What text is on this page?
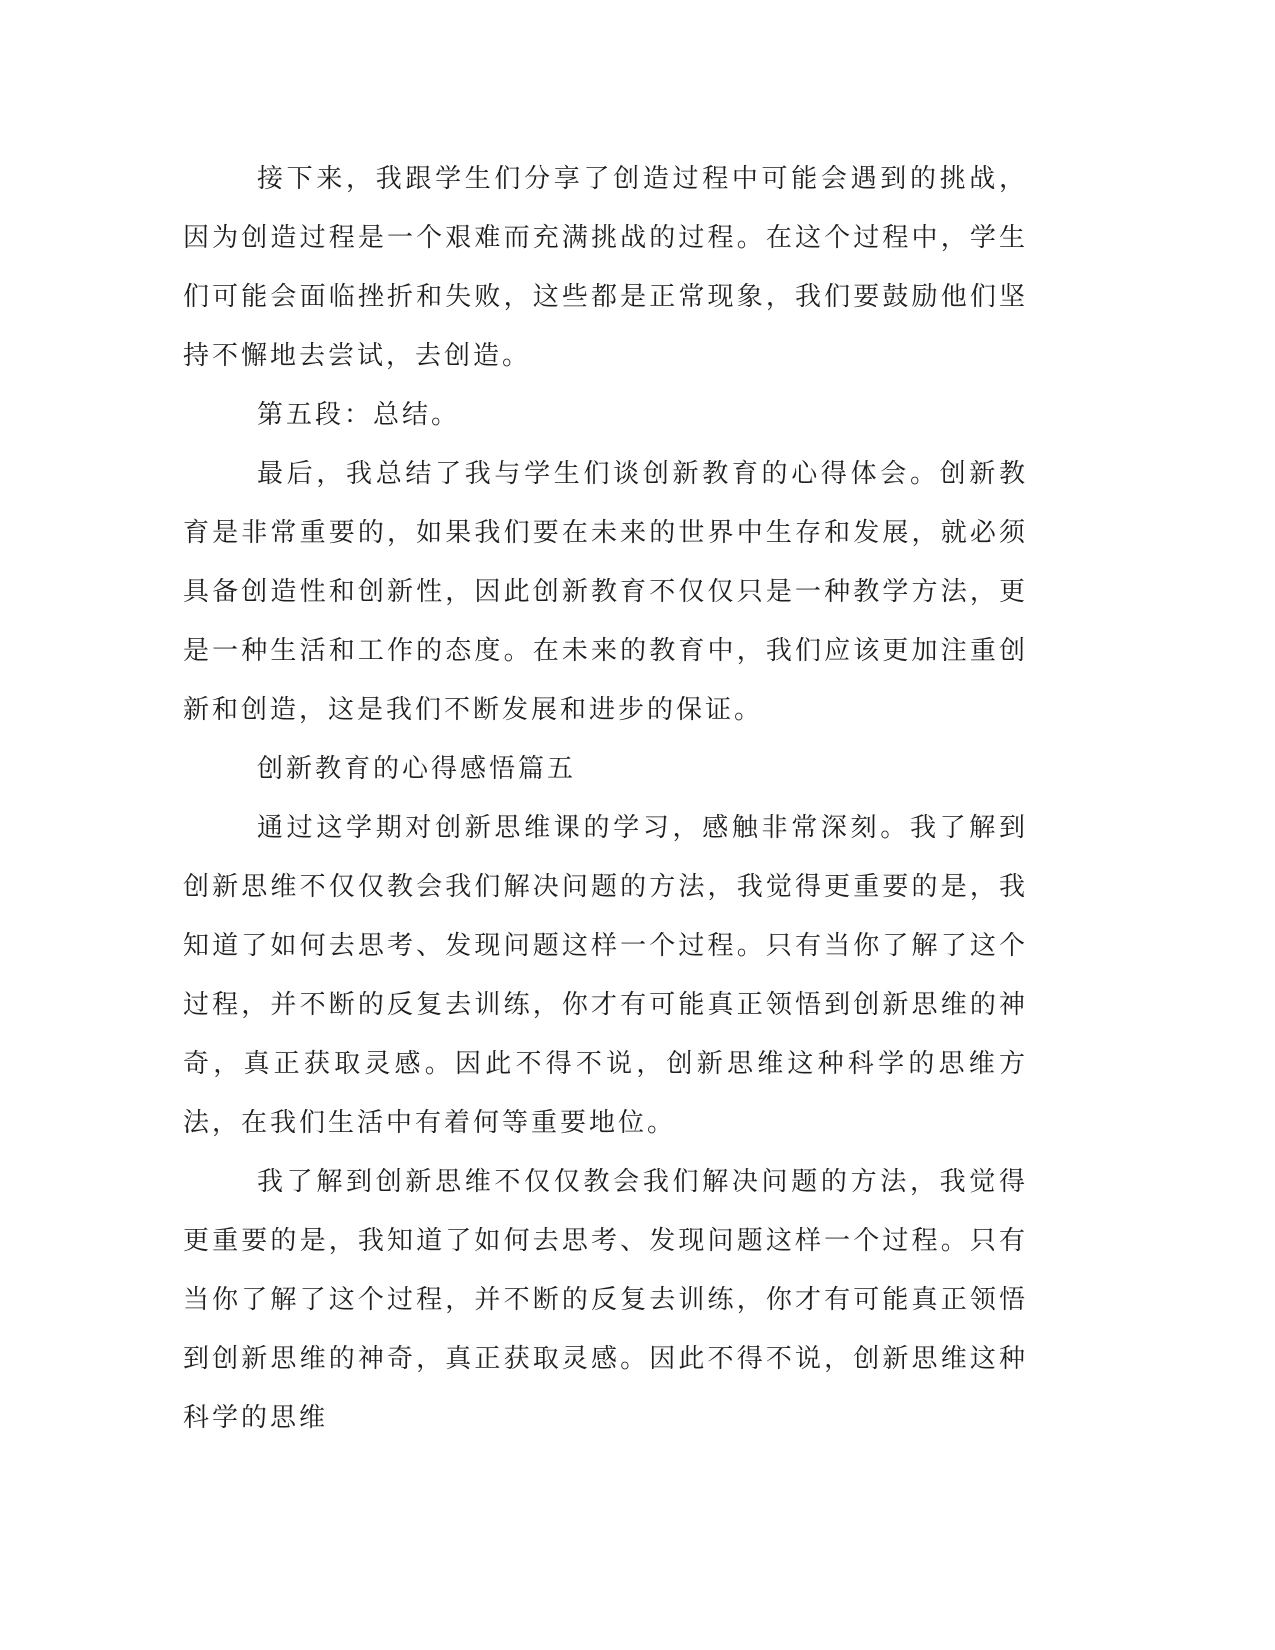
接下来，我跟学生们分享了创造过程中可能会遇到的挑战，因为创造过程是一个艰难而充满挑战的过程。在这个过程中，学生们可能会面临挫折和失败，这些都是正常现象，我们要鼓励他们坚持不懈地去尝试，去创造。

第五段：总结。

最后，我总结了我与学生们谈创新教育的心得体会。创新教育是非常重要的，如果我们要在未来的世界中生存和发展，就必须具备创造性和创新性，因此创新教育不仅仅只是一种教学方法，更是一种生活和工作的态度。在未来的教育中，我们应该更加注重创新和创造，这是我们不断发展和进步的保证。

创新教育的心得感悟篇五

通过这学期对创新思维课的学习，感触非常深刻。我了解到创新思维不仅仅教会我们解决问题的方法，我觉得更重要的是，我知道了如何去思考、发现问题这样一个过程。只有当你了解了这个过程，并不断的反复去训练，你才有可能真正领悟到创新思维的神奇，真正获取灵感。因此不得不说，创新思维这种科学的思维方法，在我们生活中有着何等重要地位。

我了解到创新思维不仅仅教会我们解决问题的方法，我觉得更重要的是，我知道了如何去思考、发现问题这样一个过程。只有当你了解了这个过程，并不断的反复去训练，你才有可能真正领悟到创新思维的神奇，真正获取灵感。因此不得不说，创新思维这种科学的思维
